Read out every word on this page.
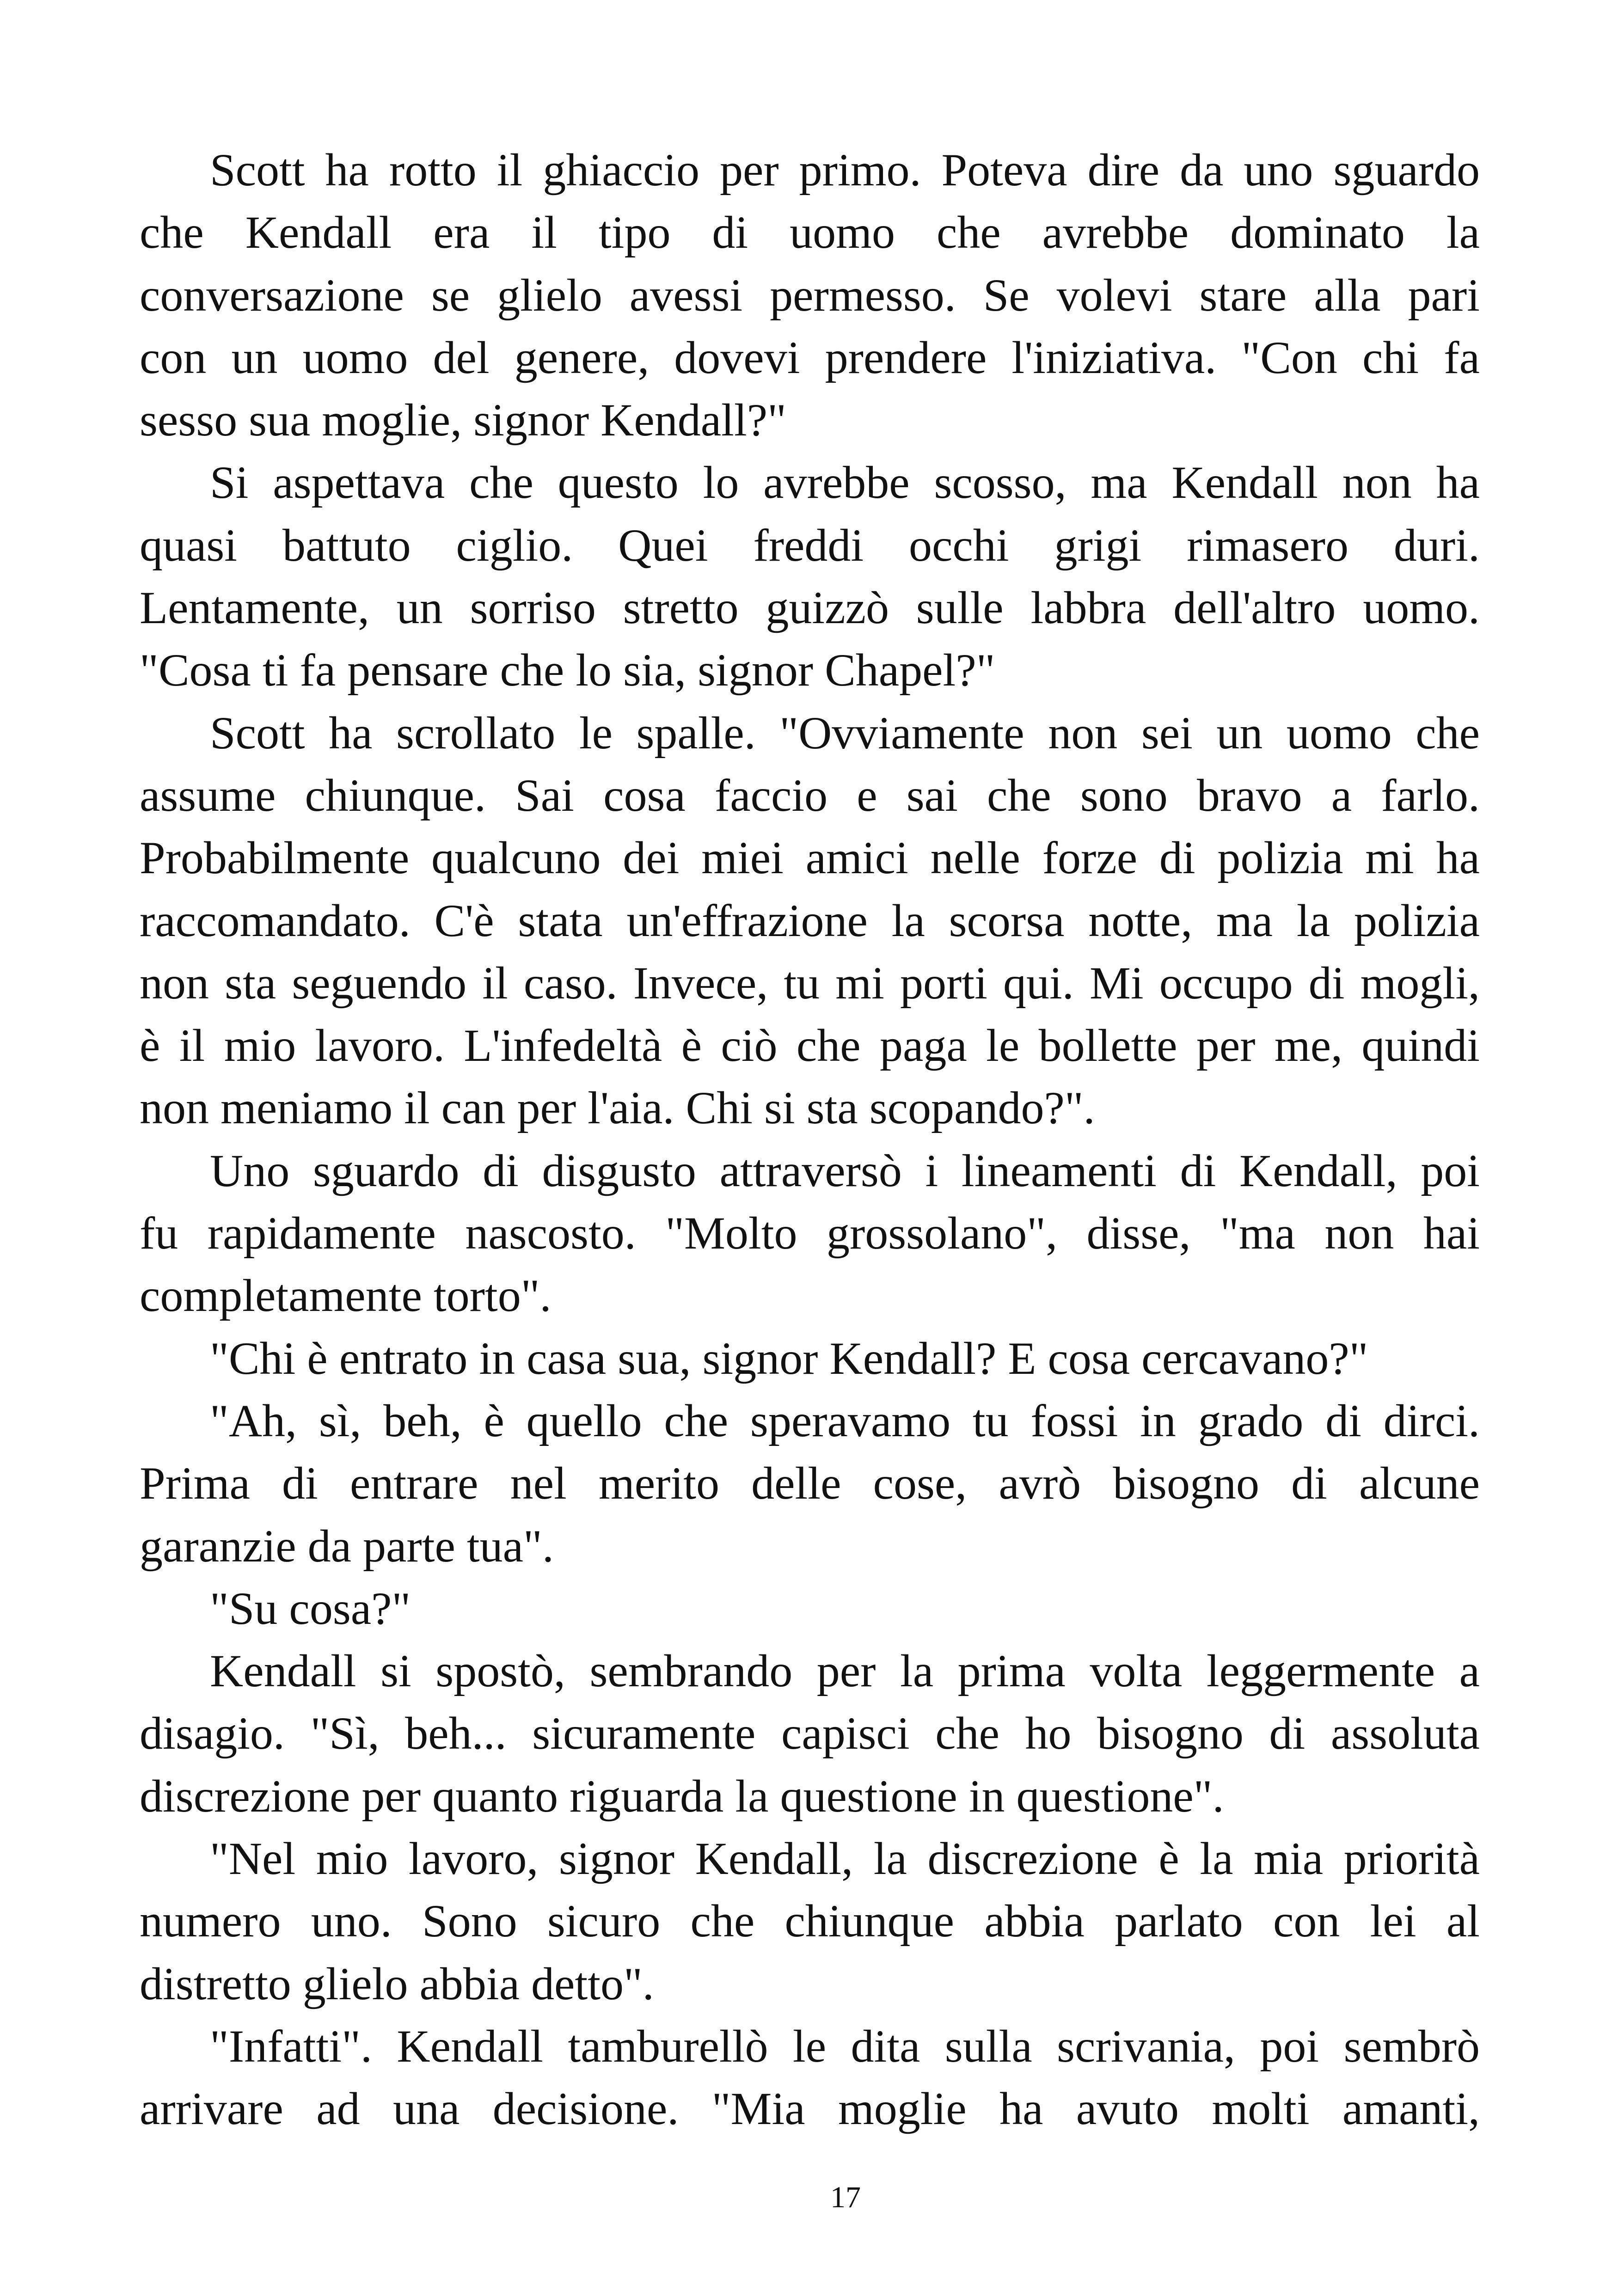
Scott ha rotto il ghiaccio per primo. Poteva dire da uno sguardo
che Kendall era il tipo di uomo che avrebbe dominato la
conversazione se glielo avessi permesso. Se volevi stare alla pari
con un uomo del genere, dovevi prendere l'iniziativa. "Con chi fa
sesso sua moglie, signor Kendall?"
Si aspettava che questo lo avrebbe scosso, ma Kendall non ha
quasi battuto ciglio. Quei freddi occhi grigi rimasero duri.
Lentamente, un sorriso stretto guizzò sulle labbra dell'altro uomo.
"Cosa ti fa pensare che lo sia, signor Chapel?"
Scott ha scrollato le spalle. "Ovviamente non sei un uomo che
assume chiunque. Sai cosa faccio e sai che sono bravo a farlo.
Probabilmente qualcuno dei miei amici nelle forze di polizia mi ha
raccomandato. C'è stata un'effrazione la scorsa notte, ma la polizia
non sta seguendo il caso. Invece, tu mi porti qui. Mi occupo di mogli,
è il mio lavoro. L'infedeltà è ciò che paga le bollette per me, quindi
non meniamo il can per l'aia. Chi si sta scopando?".
Uno sguardo di disgusto attraversò i lineamenti di Kendall, poi
fu rapidamente nascosto. "Molto grossolano", disse, "ma non hai
completamente torto".
"Chi è entrato in casa sua, signor Kendall? E cosa cercavano?"
"Ah, sì, beh, è quello che speravamo tu fossi in grado di dirci.
Prima di entrare nel merito delle cose, avrò bisogno di alcune
garanzie da parte tua".
"Su cosa?"
Kendall si spostò, sembrando per la prima volta leggermente a
disagio. "Sì, beh... sicuramente capisci che ho bisogno di assoluta
discrezione per quanto riguarda la questione in questione".
"Nel mio lavoro, signor Kendall, la discrezione è la mia priorità
numero uno. Sono sicuro che chiunque abbia parlato con lei al
distretto glielo abbia detto".
"Infatti". Kendall tamburellò le dita sulla scrivania, poi sembrò
arrivare ad una decisione. "Mia moglie ha avuto molti amanti,
17
